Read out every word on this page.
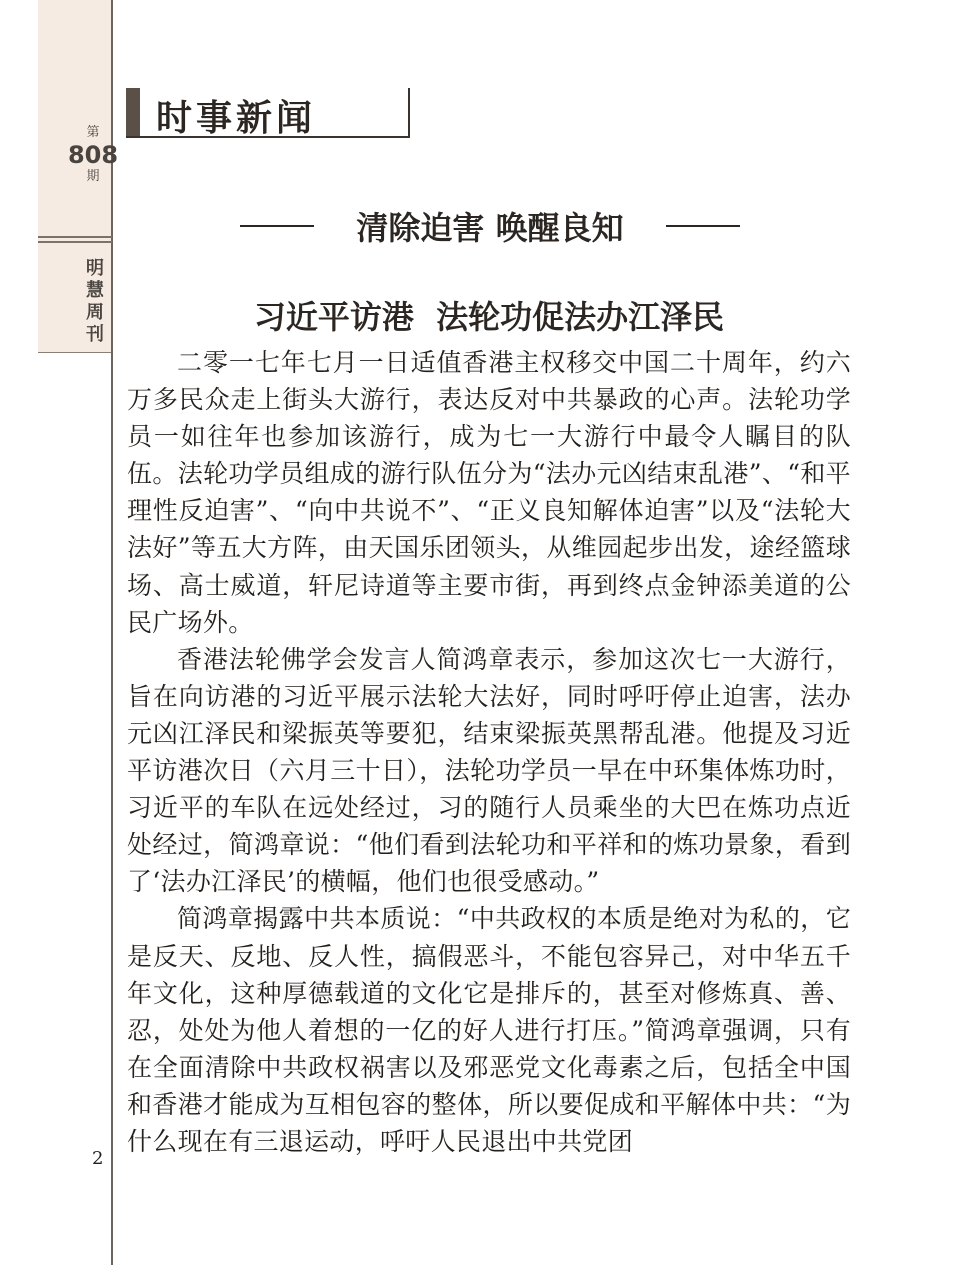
第
808
期
明慧周刊
时事新闻
清除迫害 唤醒良知
习近平访港  法轮功促法办江泽民

二零一七年七月一日适值香港主权移交中国二十周年，约六万多民众走上街头大游行，表达反对中共暴政的心声。法轮功学员一如往年也参加该游行，成为七一大游行中最令人瞩目的队伍。法轮功学员组成的游行队伍分为“法办元凶结束乱港”、“和平理性反迫害”、“向中共说不”、“正义良知解体迫害”以及“法轮大法好”等五大方阵，由天国乐团领头，从维园起步出发，途经篮球场、高士威道，轩尼诗道等主要市街，再到终点金钟添美道的公民广场外。

香港法轮佛学会发言人简鸿章表示，参加这次七一大游行，旨在向访港的习近平展示法轮大法好，同时呼吁停止迫害，法办元凶江泽民和梁振英等要犯，结束梁振英黑帮乱港。他提及习近平访港次日（六月三十日），法轮功学员一早在中环集体炼功时，习近平的车队在远处经过，习的随行人员乘坐的大巴在炼功点近处经过，简鸿章说：“他们看到法轮功和平祥和的炼功景象，看到了‘法办江泽民’的横幅，他们也很受感动。”

简鸿章揭露中共本质说：“中共政权的本质是绝对为私的，它是反天、反地、反人性，搞假恶斗，不能包容异己，对中华五千年文化，这种厚德载道的文化它是排斥的，甚至对修炼真、善、忍，处处为他人着想的一亿的好人进行打压。”简鸿章强调，只有在全面清除中共政权祸害以及邪恶党文化毒素之后，包括全中国和香港才能成为互相包容的整体，所以要促成和平解体中共：“为什么现在有三退运动，呼吁人民退出中共党团

2
